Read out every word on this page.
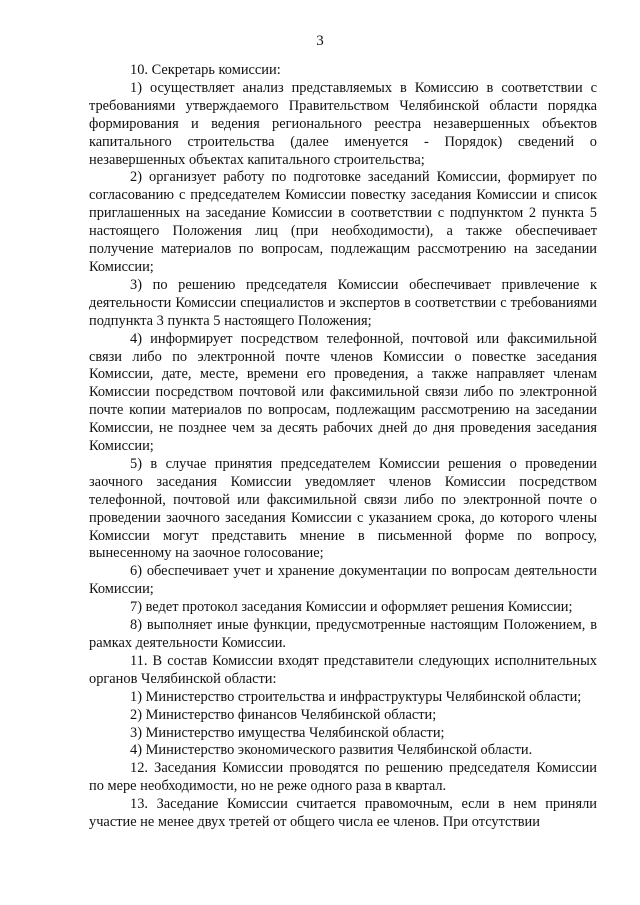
3

10. Секретарь комиссии:

1) осуществляет анализ представляемых в Комиссию в соответствии с требованиями утверждаемого Правительством Челябинской области порядка формирования и ведения регионального реестра незавершенных объектов капитального строительства (далее именуется - Порядок) сведений о незавершенных объектах капитального строительства;

2) организует работу по подготовке заседаний Комиссии, формирует по согласованию с председателем Комиссии повестку заседания Комиссии и список приглашенных на заседание Комиссии в соответствии с подпунктом 2 пункта 5 настоящего Положения лиц (при необходимости), а также обеспечивает получение материалов по вопросам, подлежащим рассмотрению на заседании Комиссии;

3) по решению председателя Комиссии обеспечивает привлечение к деятельности Комиссии специалистов и экспертов в соответствии с требованиями подпункта 3 пункта 5 настоящего Положения;

4) информирует посредством телефонной, почтовой или факсимильной связи либо по электронной почте членов Комиссии о повестке заседания Комиссии, дате, месте, времени его проведения, а также направляет членам Комиссии посредством почтовой или факсимильной связи либо по электронной почте копии материалов по вопросам, подлежащим рассмотрению на заседании Комиссии, не позднее чем за десять рабочих дней до дня проведения заседания Комиссии;

5) в случае принятия председателем Комиссии решения о проведении заочного заседания Комиссии уведомляет членов Комиссии посредством телефонной, почтовой или факсимильной связи либо по электронной почте о проведении заочного заседания Комиссии с указанием срока, до которого члены Комиссии могут представить мнение в письменной форме по вопросу, вынесенному на заочное голосование;

6) обеспечивает учет и хранение документации по вопросам деятельности Комиссии;

7) ведет протокол заседания Комиссии и оформляет решения Комиссии;

8) выполняет иные функции, предусмотренные настоящим Положением, в рамках деятельности Комиссии.

11. В состав Комиссии входят представители следующих исполнительных органов Челябинской области:

1) Министерство строительства и инфраструктуры Челябинской области;

2) Министерство финансов Челябинской области;

3) Министерство имущества Челябинской области;

4) Министерство экономического развития Челябинской области.

12. Заседания Комиссии проводятся по решению председателя Комиссии по мере необходимости, но не реже одного раза в квартал.

13. Заседание Комиссии считается правомочным, если в нем приняли участие не менее двух третей от общего числа ее членов. При отсутствии
